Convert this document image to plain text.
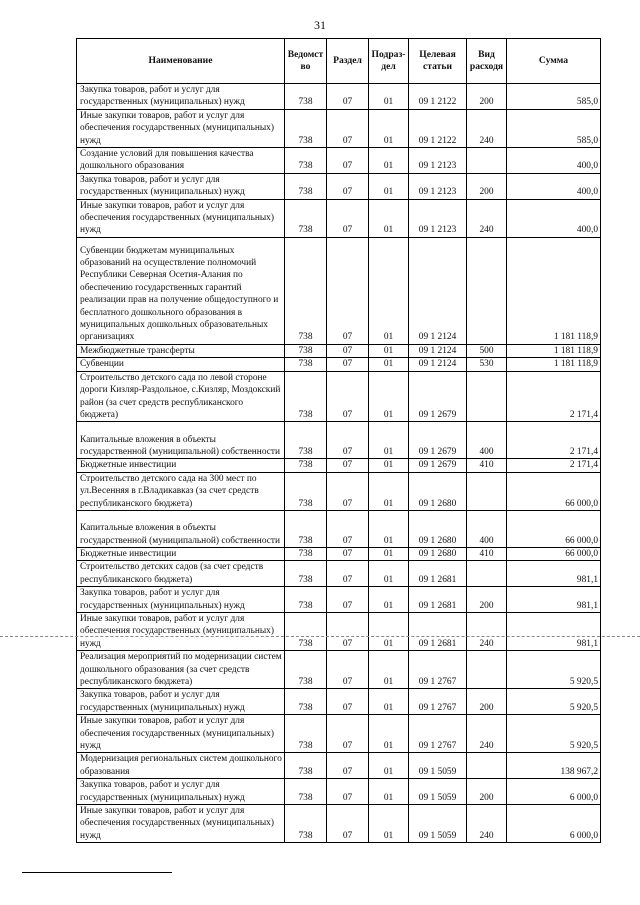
31
Наименование	Ведомст во	Раздел	Подраз- дел	Целевая статьи	Вид расходя	Сумма
Закупка товаров, работ и услуг для государственных (муниципальных) нужд	738	07	01	09 1 2122	200	585,0
Иные закупки товаров, работ и услуг для обеспечения государственных (муниципальных) нужд	738	07	01	09 1 2122	240	585,0
Создание условий для повышения качества дошкольного образования	738	07	01	09 1 2123		400,0
Закупка товаров, работ и услуг для государственных (муниципальных) нужд	738	07	01	09 1 2123	200	400,0
Иные закупки товаров, работ и услуг для обеспечения государственных (муниципальных) нужд	738	07	01	09 1 2123	240	400,0
Субвенции бюджетам муниципальных образований на осуществление полномочий Республики Северная Осетия-Алания по обеспечению государственных гарантий реализации прав на получение общедоступного и бесплатного дошкольного образования в муниципальных дошкольных образовательных организациях	738	07	01	09 1 2124		1 181 118,9
Межбюджетные трансферты	738	07	01	09 1 2124	500	1 181 118,9
Субвенции	738	07	01	09 1 2124	530	1 181 118,9
Строительство детского сада по левой стороне дороги Кизляр-Раздольное, с.Кизляр, Моздокский район (за счет средств республиканского бюджета)	738	07	01	09 1 2679		2 171,4
Капитальные вложения в объекты государственной (муниципальной) собственности	738	07	01	09 1 2679	400	2 171,4
Бюджетные инвестиции	738	07	01	09 1 2679	410	2 171,4
Строительство детского сада на 300 мест по ул.Весенняя в г.Владикавказ (за счет средств республиканского бюджета)	738	07	01	09 1 2680		66 000,0
Капитальные вложения в объекты государственной (муниципальной) собственности	738	07	01	09 1 2680	400	66 000,0
Бюджетные инвестиции	738	07	01	09 1 2680	410	66 000,0
Строительство детских садов (за счет средств республиканского бюджета)	738	07	01	09 1 2681		981,1
Закупка товаров, работ и услуг для государственных (муниципальных) нужд	738	07	01	09 1 2681	200	981,1
Иные закупки товаров, работ и услуг для обеспечения государственных (муниципальных) нужд	738	07	01	09 1 2681	240	981,1
Реализация мероприятий по модернизации систем дошкольного образования (за счет средств республиканского бюджета)	738	07	01	09 1 2767		5 920,5
Закупка товаров, работ и услуг для государственных (муниципальных) нужд	738	07	01	09 1 2767	200	5 920,5
Иные закупки товаров, работ и услуг для обеспечения государственных (муниципальных) нужд	738	07	01	09 1 2767	240	5 920,5
Модернизация региональных систем дошкольного образования	738	07	01	09 1 5059		138 967,2
Закупка товаров, работ и услуг для государственных (муниципальных) нужд	738	07	01	09 1 5059	200	6 000,0
Иные закупки товаров, работ и услуг для обеспечения государственных (муниципальных) нужд	738	07	01	09 1 5059	240	6 000,0
